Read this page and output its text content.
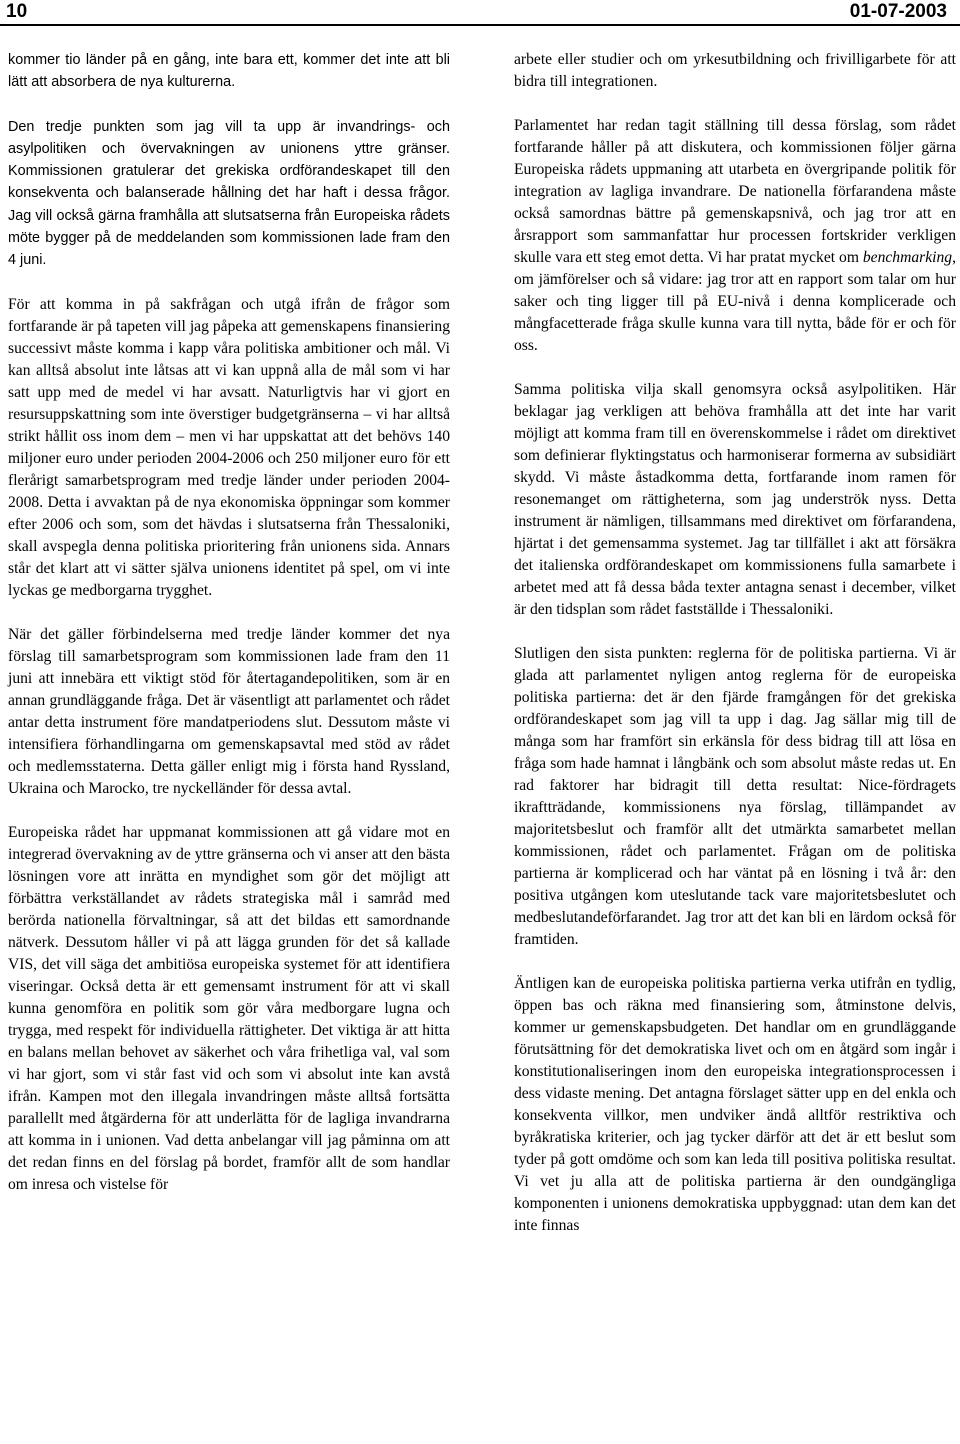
10	01-07-2003

kommer tio länder på en gång, inte bara ett, kommer det inte att bli lätt att absorbera de nya kulturerna.

Den tredje punkten som jag vill ta upp är invandrings- och asylpolitiken och övervakningen av unionens yttre gränser. Kommissionen gratulerar det grekiska ordförandeskapet till den konsekventa och balanserade hållning det har haft i dessa frågor. Jag vill också gärna framhålla att slutsatserna från Europeiska rådets möte bygger på de meddelanden som kommissionen lade fram den 4 juni.

För att komma in på sakfrågan och utgå ifrån de frågor som fortfarande är på tapeten vill jag påpeka att gemenskapens finansiering successivt måste komma i kapp våra politiska ambitioner och mål. Vi kan alltså absolut inte låtsas att vi kan uppnå alla de mål som vi har satt upp med de medel vi har avsatt. Naturligtvis har vi gjort en resursuppskattning som inte överstiger budgetgränserna – vi har alltså strikt hållit oss inom dem – men vi har uppskattat att det behövs 140 miljoner euro under perioden 2004-2006 och 250 miljoner euro för ett flerårigt samarbetsprogram med tredje länder under perioden 2004-2008. Detta i avvaktan på de nya ekonomiska öppningar som kommer efter 2006 och som, som det hävdas i slutsatserna från Thessaloniki, skall avspegla denna politiska prioritering från unionens sida. Annars står det klart att vi sätter själva unionens identitet på spel, om vi inte lyckas ge medborgarna trygghet.

När det gäller förbindelserna med tredje länder kommer det nya förslag till samarbetsprogram som kommissionen lade fram den 11 juni att innebära ett viktigt stöd för återtagandepolitiken, som är en annan grundläggande fråga. Det är väsentligt att parlamentet och rådet antar detta instrument före mandatperiodens slut. Dessutom måste vi intensifiera förhandlingarna om gemenskapsavtal med stöd av rådet och medlemsstaterna. Detta gäller enligt mig i första hand Ryssland, Ukraina och Marocko, tre nyckelländer för dessa avtal.

Europeiska rådet har uppmanat kommissionen att gå vidare mot en integrerad övervakning av de yttre gränserna och vi anser att den bästa lösningen vore att inrätta en myndighet som gör det möjligt att förbättra verkställandet av rådets strategiska mål i samråd med berörda nationella förvaltningar, så att det bildas ett samordnande nätverk. Dessutom håller vi på att lägga grunden för det så kallade VIS, det vill säga det ambitiösa europeiska systemet för att identifiera viseringar. Också detta är ett gemensamt instrument för att vi skall kunna genomföra en politik som gör våra medborgare lugna och trygga, med respekt för individuella rättigheter. Det viktiga är att hitta en balans mellan behovet av säkerhet och våra frihetliga val, val som vi har gjort, som vi står fast vid och som vi absolut inte kan avstå ifrån. Kampen mot den illegala invandringen måste alltså fortsätta parallellt med åtgärderna för att underlätta för de lagliga invandrarna att komma in i unionen. Vad detta anbelangar vill jag påminna om att det redan finns en del förslag på bordet, framför allt de som handlar om inresa och vistelse för

arbete eller studier och om yrkesutbildning och frivilligarbete för att bidra till integrationen.

Parlamentet har redan tagit ställning till dessa förslag, som rådet fortfarande håller på att diskutera, och kommissionen följer gärna Europeiska rådets uppmaning att utarbeta en övergripande politik för integration av lagliga invandrare. De nationella förfarandena måste också samordnas bättre på gemenskapsnivå, och jag tror att en årsrapport som sammanfattar hur processen fortskrider verkligen skulle vara ett steg emot detta. Vi har pratat mycket om benchmarking, om jämförelser och så vidare: jag tror att en rapport som talar om hur saker och ting ligger till på EU-nivå i denna komplicerade och mångfacetterade fråga skulle kunna vara till nytta, både för er och för oss.

Samma politiska vilja skall genomsyra också asylpolitiken. Här beklagar jag verkligen att behöva framhålla att det inte har varit möjligt att komma fram till en överenskommelse i rådet om direktivet som definierar flyktingstatus och harmoniserar formerna av subsidiärt skydd. Vi måste åstadkomma detta, fortfarande inom ramen för resonemanget om rättigheterna, som jag underströk nyss. Detta instrument är nämligen, tillsammans med direktivet om förfarandena, hjärtat i det gemensamma systemet. Jag tar tillfället i akt att försäkra det italienska ordförandeskapet om kommissionens fulla samarbete i arbetet med att få dessa båda texter antagna senast i december, vilket är den tidsplan som rådet fastställde i Thessaloniki.

Slutligen den sista punkten: reglerna för de politiska partierna. Vi är glada att parlamentet nyligen antog reglerna för de europeiska politiska partierna: det är den fjärde framgången för det grekiska ordförandeskapet som jag vill ta upp i dag. Jag sällar mig till de många som har framfört sin erkänsla för dess bidrag till att lösa en fråga som hade hamnat i långbänk och som absolut måste redas ut. En rad faktorer har bidragit till detta resultat: Nice-fördragets ikraftträdande, kommissionens nya förslag, tillämpandet av majoritetsbeslut och framför allt det utmärkta samarbetet mellan kommissionen, rådet och parlamentet. Frågan om de politiska partierna är komplicerad och har väntat på en lösning i två år: den positiva utgången kom uteslutande tack vare majoritetsbeslutet och medbeslutandeförfarandet. Jag tror att det kan bli en lärdom också för framtiden.

Äntligen kan de europeiska politiska partierna verka utifrån en tydlig, öppen bas och räkna med finansiering som, åtminstone delvis, kommer ur gemenskapsbudgeten. Det handlar om en grundläggande förutsättning för det demokratiska livet och om en åtgärd som ingår i konstitutionaliseringen inom den europeiska integrationsprocessen i dess vidaste mening. Det antagna förslaget sätter upp en del enkla och konsekventa villkor, men undviker ändå alltför restriktiva och byråkratiska kriterier, och jag tycker därför att det är ett beslut som tyder på gott omdöme och som kan leda till positiva politiska resultat. Vi vet ju alla att de politiska partierna är den oundgängliga komponenten i unionens demokratiska uppbyggnad: utan dem kan det inte finnas
